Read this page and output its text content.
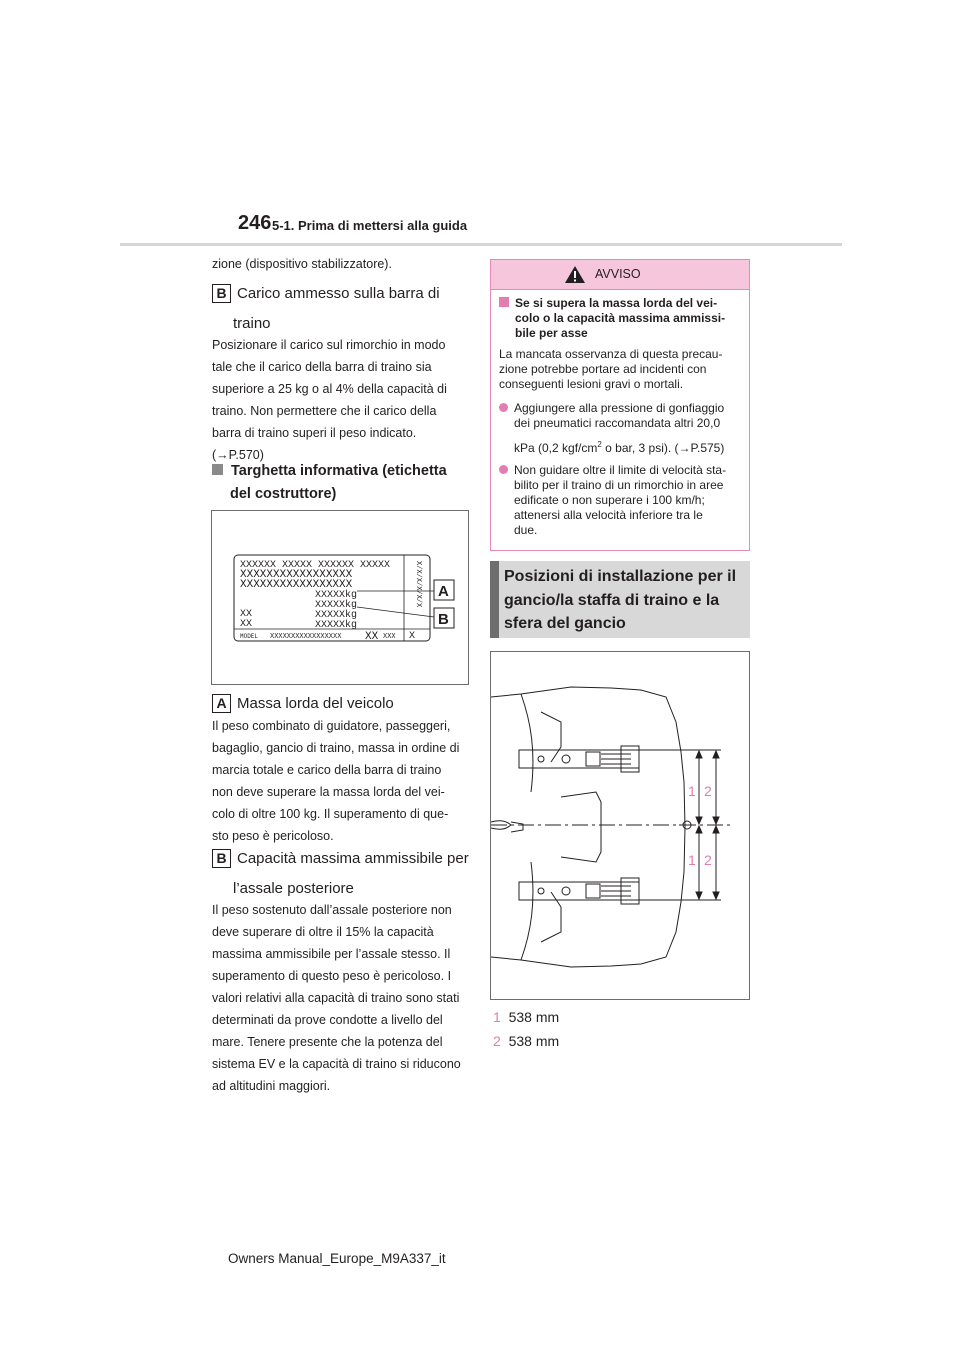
246 5-1. Prima di mettersi alla guida
zione (dispositivo stabilizzatore).
B Carico ammesso sulla barra di
traino
Posizionare il carico sul rimorchio in modo
tale che il carico della barra di traino sia
superiore a 25 kg o al 4% della capacità di
traino. Non permettere che il carico della
barra di traino superi il peso indicato.
(→P.570)
Targhetta informativa (etichetta
del costruttore)
XXXXXX XXXXX XXXXXX XXXXX
XXXXXXXXXXXXXXXXX
XXXXXXXXXXXXXXXXX
XXXXXkg
XXXXXkg
XXXXXkg
XXXXXkg
XX
XX
MODEL XXXXXXXXXXXXXXXXX XX XXX
X/X/X/X/X/X
X
A
B
A Massa lorda del veicolo
Il peso combinato di guidatore, passeggeri,
bagaglio, gancio di traino, massa in ordine di
marcia totale e carico della barra di traino
non deve superare la massa lorda del vei-
colo di oltre 100 kg. Il superamento di que-
sto peso è pericoloso.
B Capacità massima ammissibile per
l’assale posteriore
Il peso sostenuto dall’assale posteriore non
deve superare di oltre il 15% la capacità
massima ammissibile per l’assale stesso. Il
superamento di questo peso è pericoloso. I
valori relativi alla capacità di traino sono stati
determinati da prove condotte a livello del
mare. Tenere presente che la potenza del
sistema EV e la capacità di traino si riducono
ad altitudini maggiori.
AVVISO
Se si supera la massa lorda del vei-
colo o la capacità massima ammissi-
bile per asse
La mancata osservanza di questa precau-
zione potrebbe portare ad incidenti con
conseguenti lesioni gravi o mortali.
Aggiungere alla pressione di gonfiaggio
dei pneumatici raccomandata altri 20,0
kPa (0,2 kgf/$cm^2$ o bar, 3 psi). (→P.575)
Non guidare oltre il limite di velocità sta-
bilito per il traino di un rimorchio in aree
edificate o non superare i 100 km/h;
attenersi alla velocità inferiore tra le
due.
Posizioni di installazione per il
gancio/la staffa di traino e la
sfera del gancio
1 2
1 2
1 538 mm
2 538 mm
Owners Manual_Europe_M9A337_it
